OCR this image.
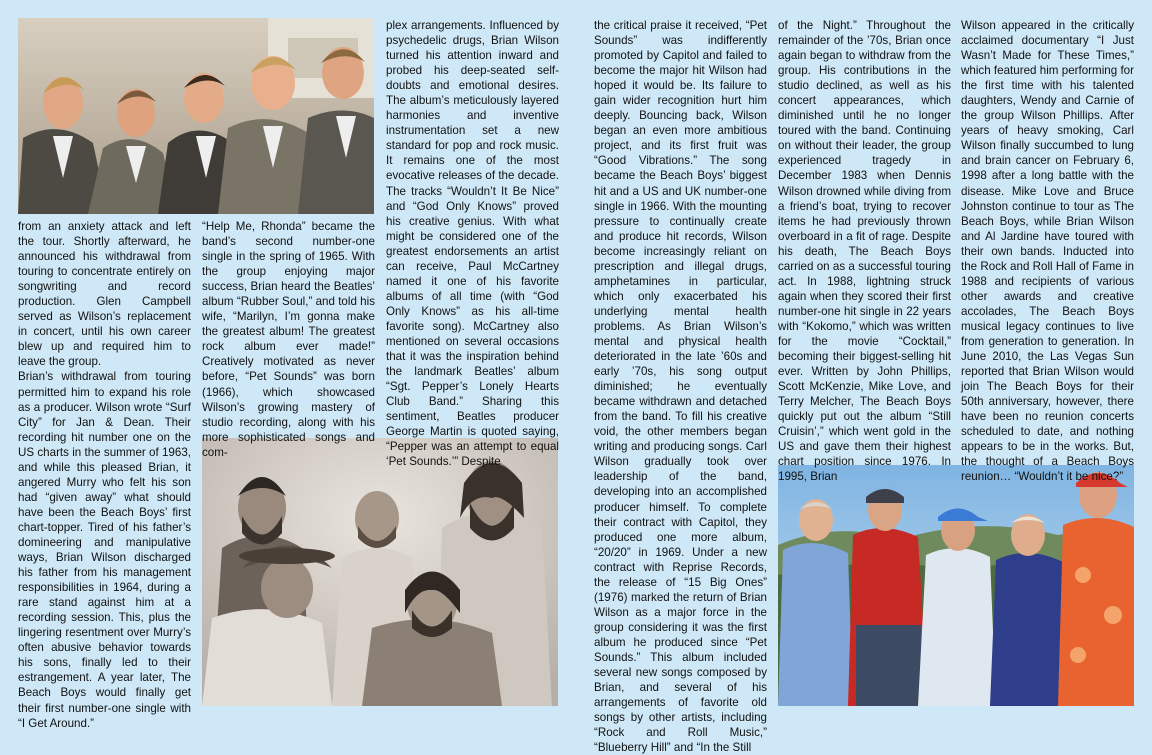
from an anxiety attack and left the tour. Shortly afterward, he announced his withdrawal from touring to concentrate entirely on songwriting and record production. Glen Campbell served as Wilson’s replacement in concert, until his own career blew up and required him to leave the group.

Brian’s withdrawal from touring permitted him to expand his role as a producer. Wilson wrote “Surf City” for Jan & Dean. Their recording hit number one on the US charts in the summer of 1963, and while this pleased Brian, it angered Murry who felt his son had “given away” what should have been the Beach Boys’ first chart-topper. Tired of his father’s domineering and manipulative ways, Brian Wilson discharged his father from his management responsibilities in 1964, during a rare stand against him at a recording session. This, plus the lingering resentment over Murry’s often abusive behavior towards his sons, finally led to their estrangement. A year later, The Beach Boys would finally get their first number-one single with “I Get Around.”

“Help Me, Rhonda” became the band’s second number-one single in the spring of 1965. With the group enjoying major success, Brian heard the Beatles’ album “Rubber Soul,” and told his wife, “Marilyn, I’m gonna make the greatest album! The greatest rock album ever made!” Creatively motivated as never before, “Pet Sounds” was born (1966), which showcased Wilson’s growing mastery of studio recording, along with his more sophisticated songs and com-

plex arrangements. Influenced by psychedelic drugs, Brian Wilson turned his attention inward and probed his deep-seated self-doubts and emotional desires. The album’s meticulously layered harmonies and inventive instrumentation set a new standard for pop and rock music. It remains one of the most evocative releases of the decade. The tracks “Wouldn’t It Be Nice” and “God Only Knows” proved his creative genius. With what might be considered one of the greatest endorsements an artist can receive, Paul McCartney named it one of his favorite albums of all time (with “God Only Knows” as his all-time favorite song). McCartney also mentioned on several occasions that it was the inspiration behind the landmark Beatles’ album “Sgt. Pepper’s Lonely Hearts Club Band.” Sharing this sentiment, Beatles producer George Martin is quoted saying, “Pepper was an attempt to equal ‘Pet Sounds.’” Despite

the critical praise it received, “Pet Sounds” was indifferently promoted by Capitol and failed to become the major hit Wilson had hoped it would be. Its failure to gain wider recognition hurt him deeply. Bouncing back, Wilson began an even more ambitious project, and its first fruit was “Good Vibrations.” The song became the Beach Boys’ biggest hit and a US and UK number-one single in 1966. With the mounting pressure to continually create and produce hit records, Wilson become increasingly reliant on prescription and illegal drugs, amphetamines in particular, which only exacerbated his underlying mental health problems. As Brian Wilson’s mental and physical health deteriorated in the late ’60s and early ’70s, his song output diminished; he eventually became withdrawn and detached from the band. To fill his creative void, the other members began writing and producing songs. Carl Wilson gradually took over leadership of the band, developing into an accomplished producer himself. To complete their contract with Capitol, they produced one more album, “20/20” in 1969. Under a new contract with Reprise Records, the release of “15 Big Ones” (1976) marked the return of Brian Wilson as a major force in the group considering it was the first album he produced since “Pet Sounds.” This album included several new songs composed by Brian, and several of his arrangements of favorite old songs by other artists, including “Rock and Roll Music,” “Blueberry Hill” and “In the Still

of the Night.” Throughout the remainder of the ’70s, Brian once again began to withdraw from the group. His contributions in the studio declined, as well as his concert appearances, which diminished until he no longer toured with the band. Continuing on without their leader, the group experienced tragedy in December 1983 when Dennis Wilson drowned while diving from a friend’s boat, trying to recover items he had previously thrown overboard in a fit of rage. Despite his death, The Beach Boys carried on as a successful touring act. In 1988, lightning struck again when they scored their first number-one hit single in 22 years with “Kokomo,” which was written for the movie “Cocktail,” becoming their biggest-selling hit ever. Written by John Phillips, Scott McKenzie, Mike Love, and Terry Melcher, The Beach Boys quickly put out the album “Still Cruisin’,” which went gold in the US and gave them their highest chart position since 1976. In 1995, Brian

Wilson appeared in the critically acclaimed documentary “I Just Wasn’t Made for These Times,” which featured him performing for the first time with his talented daughters, Wendy and Carnie of the group Wilson Phillips. After years of heavy smoking, Carl Wilson finally succumbed to lung and brain cancer on February 6, 1998 after a long battle with the disease. Mike Love and Bruce Johnston continue to tour as The Beach Boys, while Brian Wilson and Al Jardine have toured with their own bands. Inducted into the Rock and Roll Hall of Fame in 1988 and recipients of various other awards and creative accolades, The Beach Boys musical legacy continues to live from generation to generation. In June 2010, the Las Vegas Sun reported that Brian Wilson would join The Beach Boys for their 50th anniversary, however, there have been no reunion concerts scheduled to date, and nothing appears to be in the works. But, the thought of a Beach Boys reunion… “Wouldn’t it be nice?”
